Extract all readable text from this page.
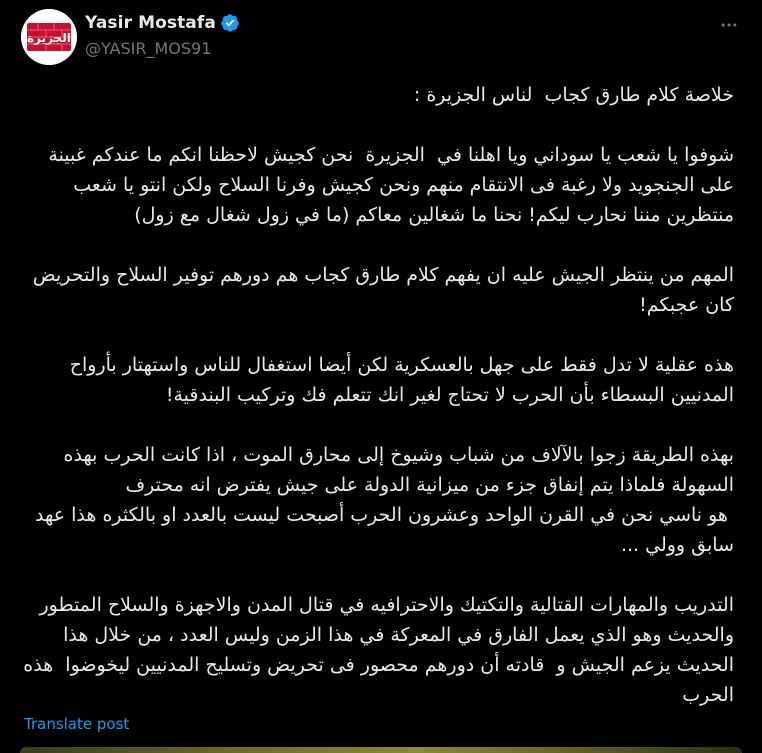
الجزيرة
Yasir Mostafa
@YASIR_MOS91
خلاصة كلام طارق كجاب  لناس الجزيرة :

شوفوا يا شعب يا سوداني ويا اهلنا في  الجزيرة  نحن كجيش لاحظنا انكم ما عندكم غبينة على الجنجويد ولا رغبة فى الانتقام منهم ونحن كجيش وفرنا السلاح ولكن انتو يا شعب منتظرين مننا نحارب ليكم! نحنا ما شغالين معاكم (ما في زول شغال مع زول)

المهم من ينتظر الجيش عليه ان يفهم كلام طارق كجاب هم دورهم توفير السلاح والتحريض كان عجبكم!

هذه عقلية لا تدل فقط على جهل بالعسكرية لكن أيضا استغفال للناس واستهتار بأرواح المدنيين البسطاء بأن الحرب لا تحتاج لغير انك تتعلم فك وتركيب البندقية!

بهذه الطريقة زجوا بالآلاف من شباب وشيوخ إلى محارق الموت ، اذا كانت الحرب بهذه السهولة فلماذا يتم إنفاق جزء من ميزانية الدولة على جيش يفترض انه محترف
هو ناسي نحن في القرن الواحد وعشرون الحرب أصبحت ليست بالعدد او بالكثره هذا عهد سابق وولي ...

التدريب والمهارات القتالية والتكتيك والاحترافيه في قتال المدن والاجهزة والسلاح المتطور والحديث وهو الذي يعمل الفارق في المعركة في هذا الزمن وليس العدد ، من خلال هذا الحديث يزعم الجيش و  قادته أن دورهم محصور فى تحريض وتسليح المدنيين ليخوضوا  هذه الحرب
Translate post
